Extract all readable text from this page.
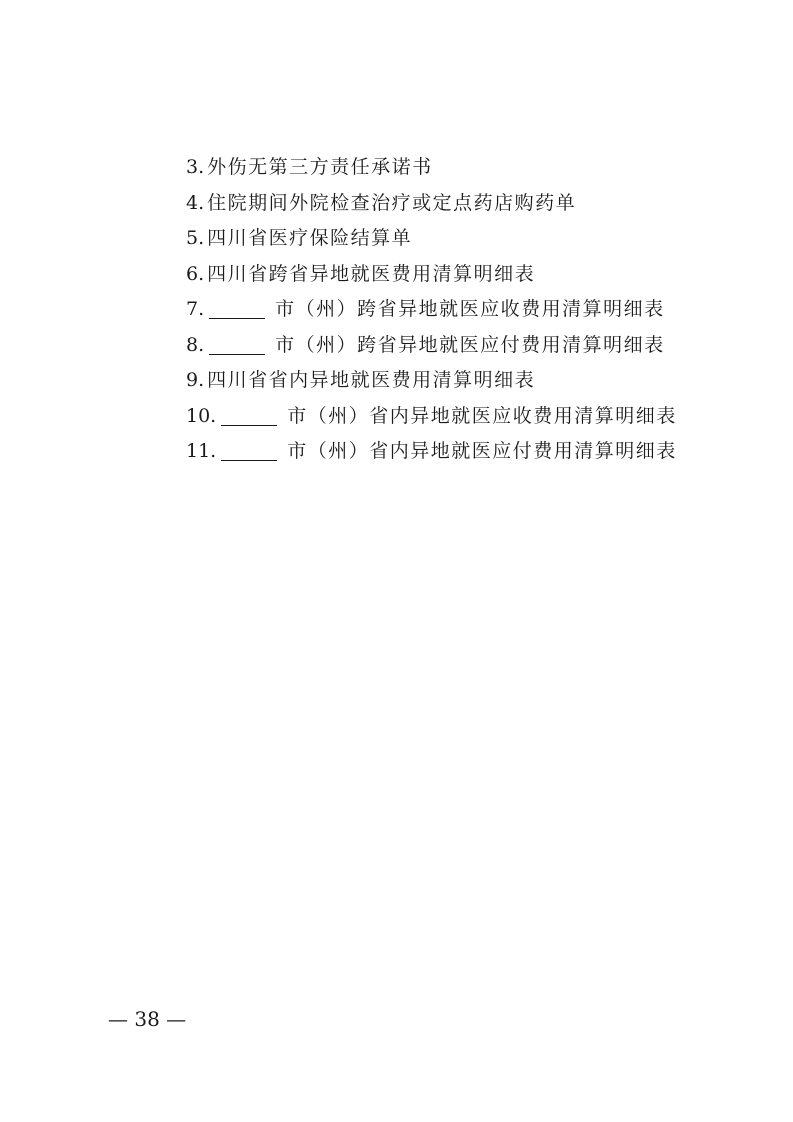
3. 外伤无第三方责任承诺书
4. 住院期间外院检查治疗或定点药店购药单
5. 四川省医疗保险结算单
6. 四川省跨省异地就医费用清算明细表
7.	市（州）跨省异地就医应收费用清算明细表
8.	市（州）跨省异地就医应付费用清算明细表
9. 四川省省内异地就医费用清算明细表
10.	市（州）省内异地就医应收费用清算明细表
11.	市（州）省内异地就医应付费用清算明细表
— 38 —
